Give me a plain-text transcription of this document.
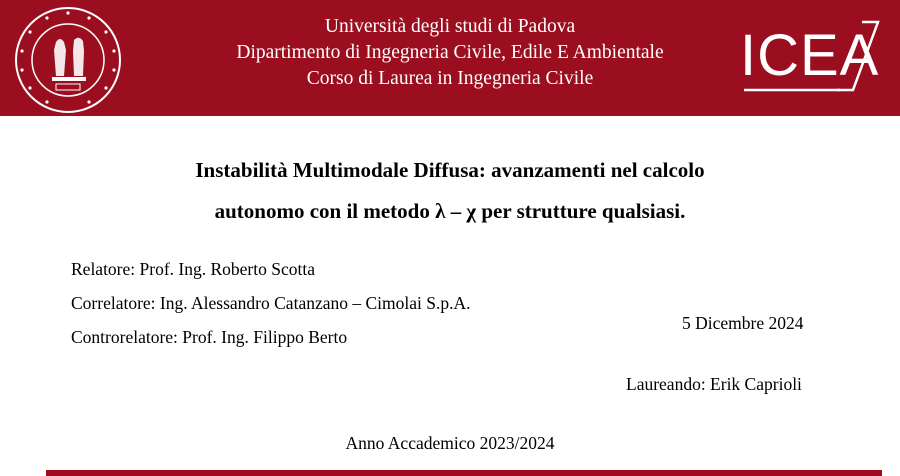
Università degli studi di Padova
Dipartimento di Ingegneria Civile, Edile E Ambientale
Corso di Laurea in Ingegneria Civile	ICEA
Instabilità Multimodale Diffusa: avanzamenti nel calcolo
autonomo con il metodo λ – χ per strutture qualsiasi.
Relatore: Prof. Ing. Roberto Scotta
Correlatore: Ing. Alessandro Catanzano – Cimolai S.p.A.
Controrelatore: Prof. Ing. Filippo Berto
5 Dicembre 2024
Laureando: Erik Caprioli
Anno Accademico 2023/2024
